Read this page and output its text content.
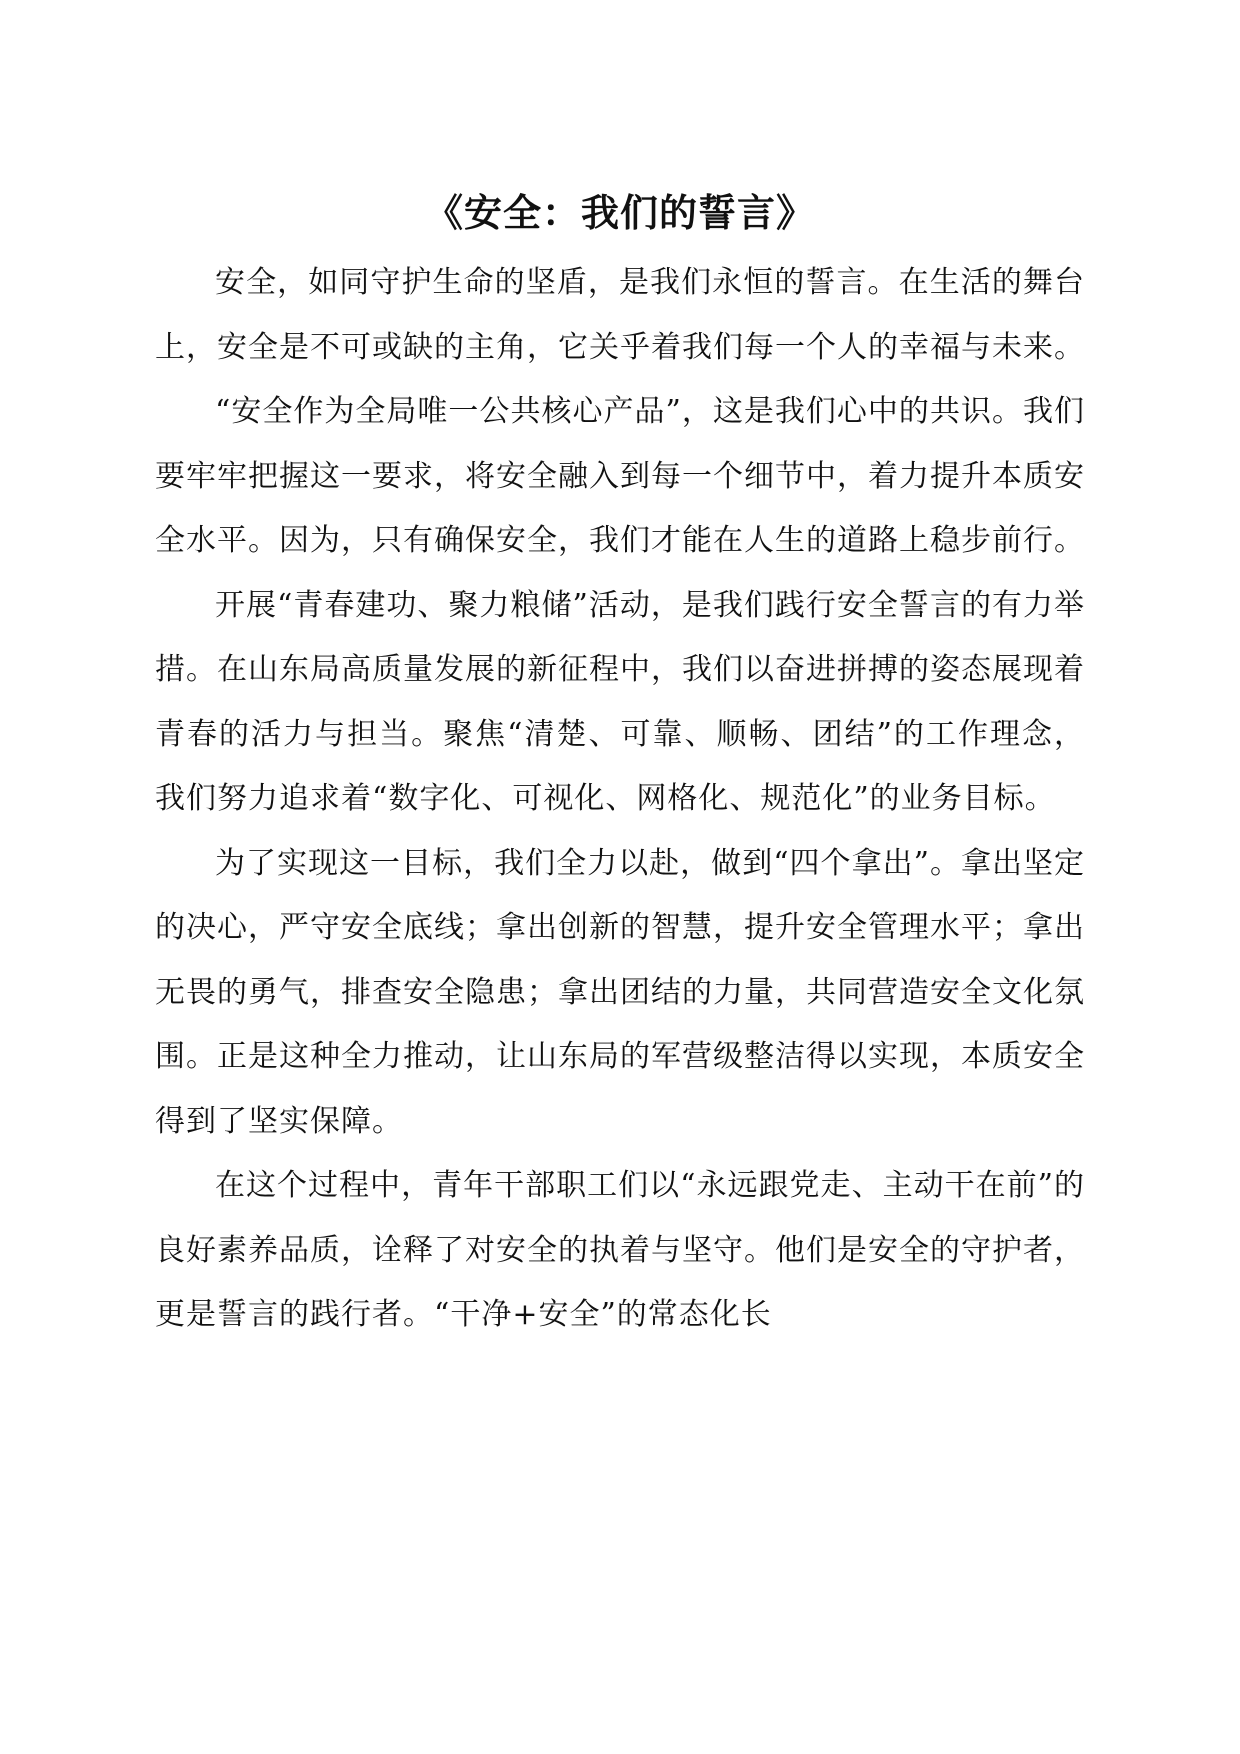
《安全：我们的誓言》

安全，如同守护生命的坚盾，是我们永恒的誓言。在生活的舞台上，安全是不可或缺的主角，它关乎着我们每一个人的幸福与未来。

“安全作为全局唯一公共核心产品”，这是我们心中的共识。我们要牢牢把握这一要求，将安全融入到每一个细节中，着力提升本质安全水平。因为，只有确保安全，我们才能在人生的道路上稳步前行。

开展“青春建功、聚力粮储”活动，是我们践行安全誓言的有力举措。在山东局高质量发展的新征程中，我们以奋进拼搏的姿态展现着青春的活力与担当。聚焦“清楚、可靠、顺畅、团结”的工作理念，我们努力追求着“数字化、可视化、网格化、规范化”的业务目标。

为了实现这一目标，我们全力以赴，做到“四个拿出”。拿出坚定的决心，严守安全底线；拿出创新的智慧，提升安全管理水平；拿出无畏的勇气，排查安全隐患；拿出团结的力量，共同营造安全文化氛围。正是这种全力推动，让山东局的军营级整洁得以实现，本质安全得到了坚实保障。

在这个过程中，青年干部职工们以“永远跟党走、主动干在前”的良好素养品质，诠释了对安全的执着与坚守。他们是安全的守护者，更是誓言的践行者。“干净+安全”的常态化长
